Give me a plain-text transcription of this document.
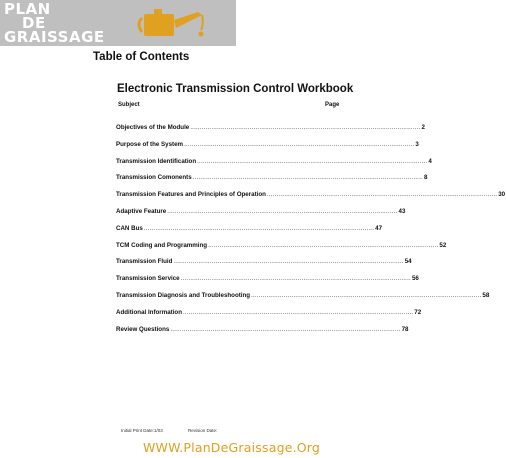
PLAN
DE
GRAISSAGE
Table of Contents
Electronic Transmission Control Workbook
Subject	Page
Objectives of the Module ........................................................................................................................ 2
Purpose of the System ........................................................................................................................ 3
Transmission Identification ........................................................................................................................ 4
Transmission Comonents ........................................................................................................................ 8
Transmission Features and Principles of Operation ........................................................................................................................ 30
Adaptive Feature ........................................................................................................................ 43
CAN Bus ........................................................................................................................ 47
TCM Coding and Programming ........................................................................................................................ 52
Transmission Fluid ........................................................................................................................ 54
Transmission Service ........................................................................................................................ 56
Transmission Diagnosis and Troubleshooting ........................................................................................................................ 58
Additional Information ........................................................................................................................ 72
Review Questions ........................................................................................................................ 78
Initial Print Date:1/03	Revision Date:
WWW.PlanDeGraissage.Org
